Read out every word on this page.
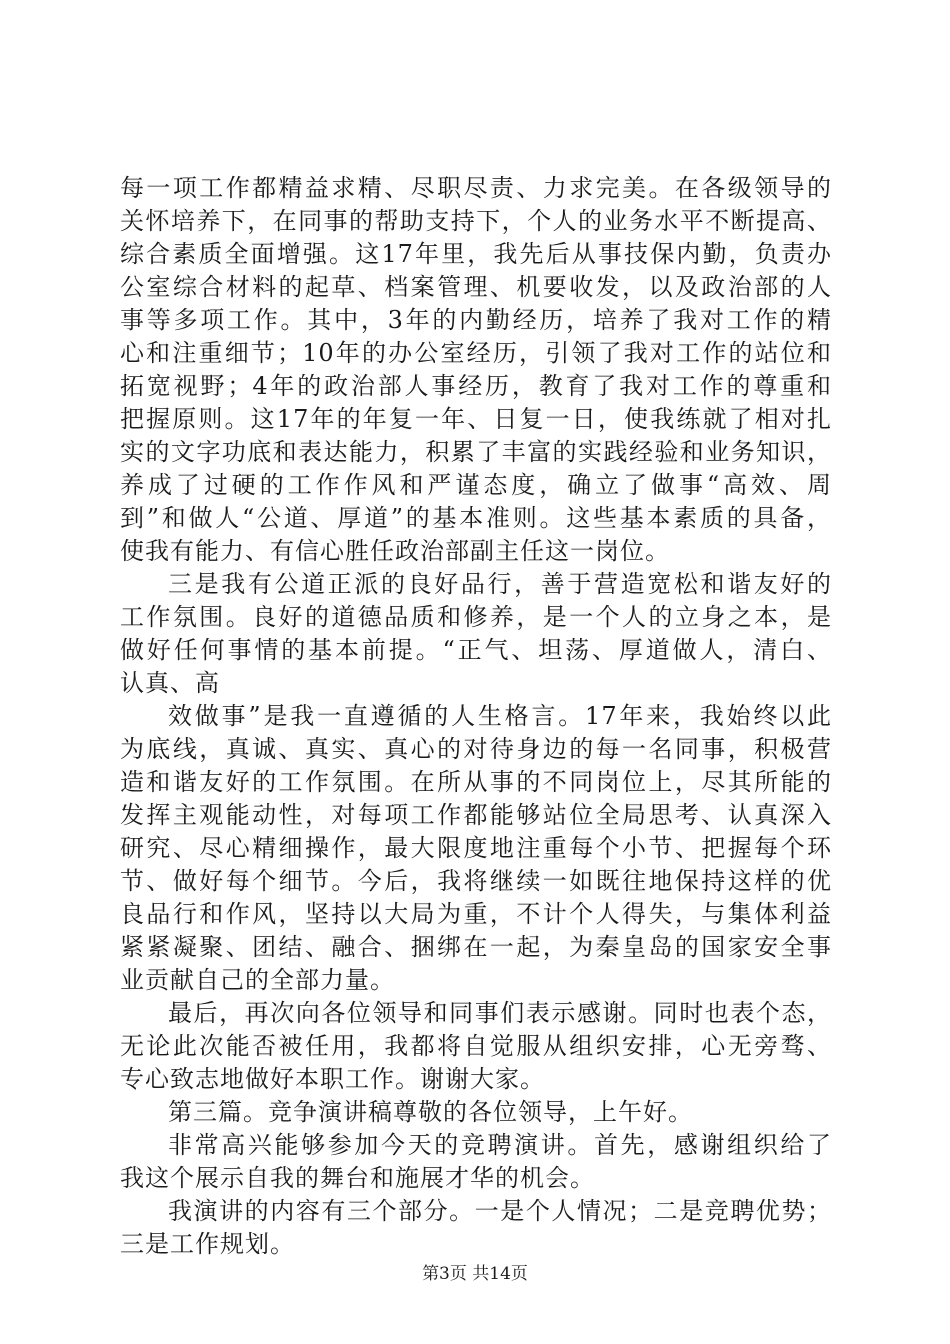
每一项工作都精益求精、尽职尽责、力求完美。在各级领导的
关怀培养下，在同事的帮助支持下，个人的业务水平不断提高、
综合素质全面增强。这17年里，我先后从事技保内勤，负责办
公室综合材料的起草、档案管理、机要收发，以及政治部的人
事等多项工作。其中，3年的内勤经历，培养了我对工作的精
心和注重细节；10年的办公室经历，引领了我对工作的站位和
拓宽视野；4年的政治部人事经历，教育了我对工作的尊重和
把握原则。这17年的年复一年、日复一日，使我练就了相对扎
实的文字功底和表达能力，积累了丰富的实践经验和业务知识，
养成了过硬的工作作风和严谨态度，确立了做事“高效、周
到”和做人“公道、厚道”的基本准则。这些基本素质的具备，
使我有能力、有信心胜任政治部副主任这一岗位。
三是我有公道正派的良好品行，善于营造宽松和谐友好的
工作氛围。良好的道德品质和修养，是一个人的立身之本，是
做好任何事情的基本前提。“正气、坦荡、厚道做人，清白、
认真、高
效做事”是我一直遵循的人生格言。17年来，我始终以此
为底线，真诚、真实、真心的对待身边的每一名同事，积极营
造和谐友好的工作氛围。在所从事的不同岗位上，尽其所能的
发挥主观能动性，对每项工作都能够站位全局思考、认真深入
研究、尽心精细操作，最大限度地注重每个小节、把握每个环
节、做好每个细节。今后，我将继续一如既往地保持这样的优
良品行和作风，坚持以大局为重，不计个人得失，与集体利益
紧紧凝聚、团结、融合、捆绑在一起，为秦皇岛的国家安全事
业贡献自己的全部力量。
最后，再次向各位领导和同事们表示感谢。同时也表个态，
无论此次能否被任用，我都将自觉服从组织安排，心无旁骛、
专心致志地做好本职工作。谢谢大家。
第三篇。竞争演讲稿尊敬的各位领导，上午好。
非常高兴能够参加今天的竞聘演讲。首先，感谢组织给了
我这个展示自我的舞台和施展才华的机会。
我演讲的内容有三个部分。一是个人情况；二是竞聘优势；
三是工作规划。
第3页 共14页
